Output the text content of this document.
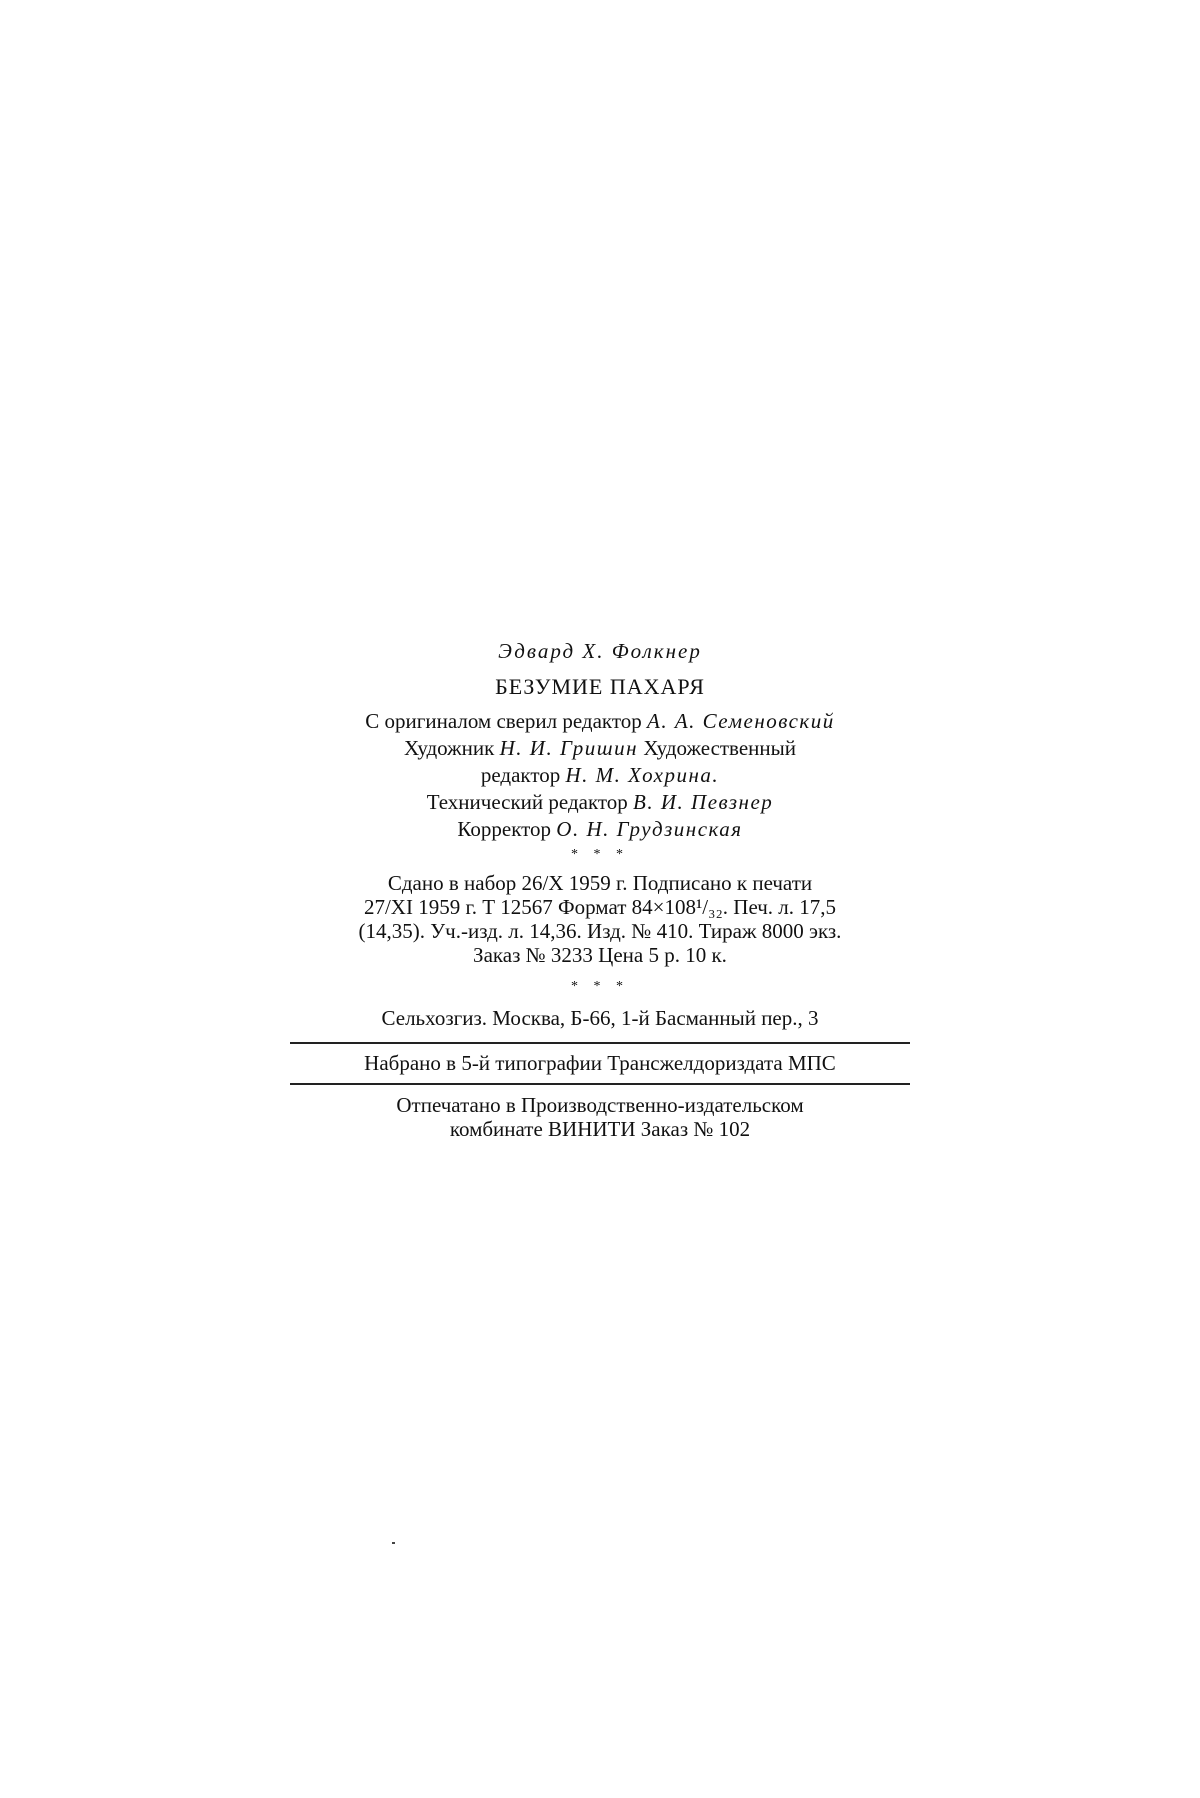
Эдвард Х. Фолкнер
БЕЗУМИЕ ПАХАРЯ
С оригиналом сверил редактор А. А. Семеновский
Художник Н. И. Гришин Художественный
редактор Н. М. Хохрина.
Технический редактор В. И. Певзнер
Корректор О. Н. Грудзинская
* * *
Сдано в набор 26/X 1959 г. Подписано к печати
27/XI 1959 г. Т 12567 Формат 84×108¹/₃₂. Печ. л. 17,5
(14,35). Уч.-изд. л. 14,36. Изд. № 410. Тираж 8000 экз.
Заказ № 3233 Цена 5 р. 10 к.
* * *
Сельхозгиз. Москва, Б-66, 1-й Басманный пер., 3
Набрано в 5-й типографии Трансжелдориздата МПС
Отпечатано в Производственно-издательском
комбинате ВИНИТИ Заказ № 102
